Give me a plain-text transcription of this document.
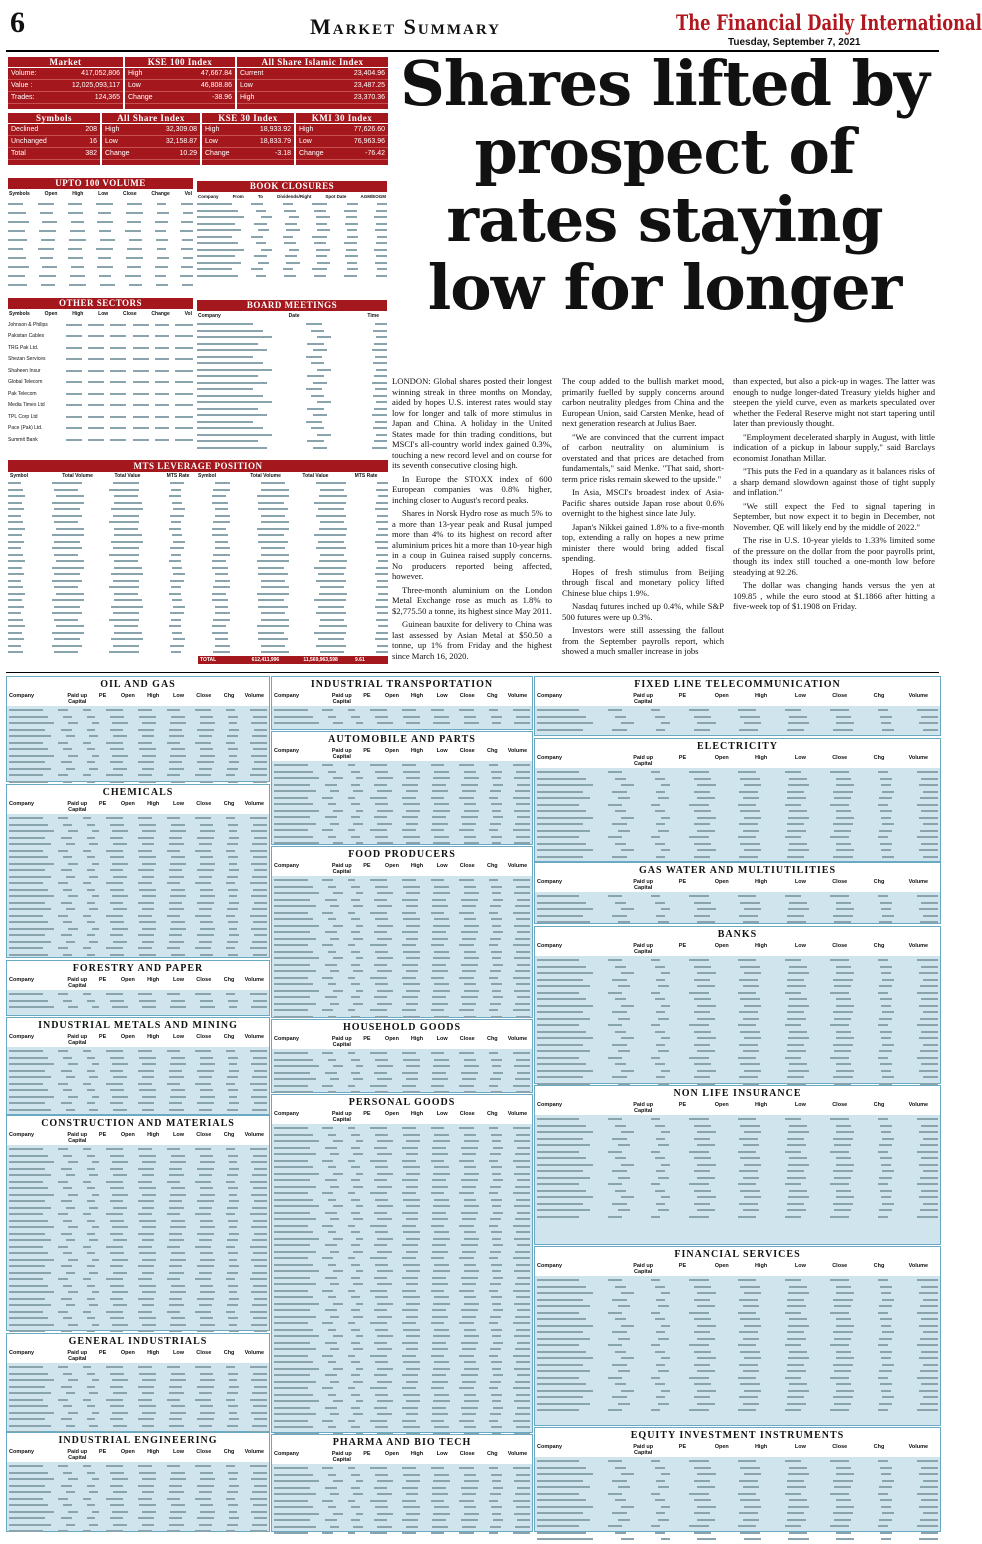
6	Market Summary	The Financial Daily International
Tuesday, September 7, 2021
Market
Volume:	417,052,806
Value :	12,025,093,117
Trades:	124,365
KSE 100 Index
High	47,667.84
Low	46,808.86
Change	-38.96
All Share Islamic Index
Current	23,404.96
Low	23,487.25
High	23,370.36
Symbols
Declined	208
Unchanged	16
Total	382
All Share Index
High	32,309.08
Low	32,158.87
Change	10.29
KSE 30 Index
High	18,933.92
Low	18,833.79
Change	-3.18
KMI 30 Index
High	77,626.60
Low	76,963.96
Change	-76.42
UPTO 100 VOLUME
Symbols	Open	High	Low	Close	Change	Vol
BOOK CLOSURES
Company	From	To	Dividends/Right	Spot Date	AGM/EOGM
OTHER SECTORS
Symbols	Open	High	Low	Close	Change	Vol
Johnson & Philips
Pakistan Cables
TRG Pak Ltd.
Shezan Services
Shaheen Insur
Global Telecom
Pak Telecom
Media Times Ltd
TPL Corp Ltd
Pace (Pak) Ltd.
Summit Bank
BOARD MEETINGS
Company	Date	Time
MTS LEVERAGE POSITION
Symbol	Total Volume	Total Value	MTS Rate	Symbol	Total Volume	Total Value	MTS Rate
TOTAL	612,411,996	11,569,963,598	9.61
Shares lifted by prospect of rates staying low for longer

LONDON: Global shares posted their longest winning streak in three months on Monday, aided by hopes U.S. interest rates would stay low for longer and talk of more stimulus in Japan and China. A holiday in the United States made for thin trading conditions, but MSCI's all-country world index gained 0.3%, touching a new record level and on course for its seventh consecutive closing high.

In Europe the STOXX index of 600 European companies was 0.8% higher, inching closer to August's record peaks.

Shares in Norsk Hydro rose as much 5% to a more than 13-year peak and Rusal jumped more than 4% to its highest on record after aluminium prices hit a more than 10-year high in a coup in Guinea raised supply concerns. No producers reported being affected, however.

Three-month aluminium on the London Metal Exchange rose as much as 1.8% to $2,775.50 a tonne, its highest since May 2011.

Guinean bauxite for delivery to China was last assessed by Asian Metal at $50.50 a tonne, up 1% from Friday and the highest since March 16, 2020.

The coup added to the bullish market mood, primarily fuelled by supply concerns around carbon neutrality pledges from China and the European Union, said Carsten Menke, head of next generation research at Julius Baer.

"We are convinced that the current impact of carbon neutrality on aluminium is overstated and that prices are detached from fundamentals," said Menke. "That said, short-term price risks remain skewed to the upside."

In Asia, MSCI's broadest index of Asia-Pacific shares outside Japan rose about 0.6% overnight to the highest since late July.

Japan's Nikkei gained 1.8% to a five-month top, extending a rally on hopes a new prime minister there would bring added fiscal spending.

Hopes of fresh stimulus from Beijing through fiscal and monetary policy lifted Chinese blue chips 1.9%.

Nasdaq futures inched up 0.4%, while S&P 500 futures were up 0.3%.

Investors were still assessing the fallout from the September payrolls report, which showed a much smaller increase in jobs

than expected, but also a pick-up in wages. The latter was enough to nudge longer-dated Treasury yields higher and steepen the yield curve, even as markets speculated over whether the Federal Reserve might not start tapering until later than previously thought.

"Employment decelerated sharply in August, with little indication of a pickup in labour supply," said Barclays economist Jonathan Millar.

"This puts the Fed in a quandary as it balances risks of a sharp demand slowdown against those of tight supply and inflation."

"We still expect the Fed to signal tapering in September, but now expect it to begin in December, not November. QE will likely end by the middle of 2022."

The rise in U.S. 10-year yields to 1.33% limited some of the pressure on the dollar from the poor payrolls print, though its index still touched a one-month low before steadying at 92.26.

The dollar was changing hands versus the yen at 109.85 , while the euro stood at $1.1866 after hitting a five-week top of $1.1908 on Friday.

OIL AND GAS
Company	Paid up Capital
PE	Open	High	Low	Close	Chg	Volume
CHEMICALS
Company	Paid up Capital
PE	Open	High	Low	Close	Chg	Volume
FORESTRY AND PAPER
Company	Paid up Capital
PE	Open	High	Low	Close	Chg	Volume
INDUSTRIAL METALS AND MINING
Company	Paid up Capital
PE	Open	High	Low	Close	Chg	Volume
CONSTRUCTION AND MATERIALS
Company	Paid up Capital
PE	Open	High	Low	Close	Chg	Volume
GENERAL INDUSTRIALS
Company	Paid up Capital
PE	Open	High	Low	Close	Chg	Volume
INDUSTRIAL ENGINEERING
Company	Paid up Capital
PE	Open	High	Low	Close	Chg	Volume
INDUSTRIAL TRANSPORTATION
Company	Paid up Capital
PE	Open	High	Low	Close	Chg	Volume
AUTOMOBILE AND PARTS
Company	Paid up Capital
PE	Open	High	Low	Close	Chg	Volume
FOOD PRODUCERS
Company	Paid up Capital
PE	Open	High	Low	Close	Chg	Volume
HOUSEHOLD GOODS
Company	Paid up Capital
PE	Open	High	Low	Close	Chg	Volume
PERSONAL GOODS
Company	Paid up Capital
PE	Open	High	Low	Close	Chg	Volume
PHARMA AND BIO TECH
Company	Paid up Capital
PE	Open	High	Low	Close	Chg	Volume
FIXED LINE TELECOMMUNICATION
Company	Paid up Capital
PE	Open	High	Low	Close	Chg	Volume
ELECTRICITY
Company	Paid up Capital
PE	Open	High	Low	Close	Chg	Volume
GAS WATER AND MULTIUTILITIES
Company	Paid up Capital
PE	Open	High	Low	Close	Chg	Volume
BANKS
Company	Paid up Capital
PE	Open	High	Low	Close	Chg	Volume
NON LIFE INSURANCE
Company	Paid up Capital
PE	Open	High	Low	Close	Chg	Volume
FINANCIAL SERVICES
Company	Paid up Capital
PE	Open	High	Low	Close	Chg	Volume
EQUITY INVESTMENT INSTRUMENTS
Company	Paid up Capital
PE	Open	High	Low	Close	Chg	Volume
